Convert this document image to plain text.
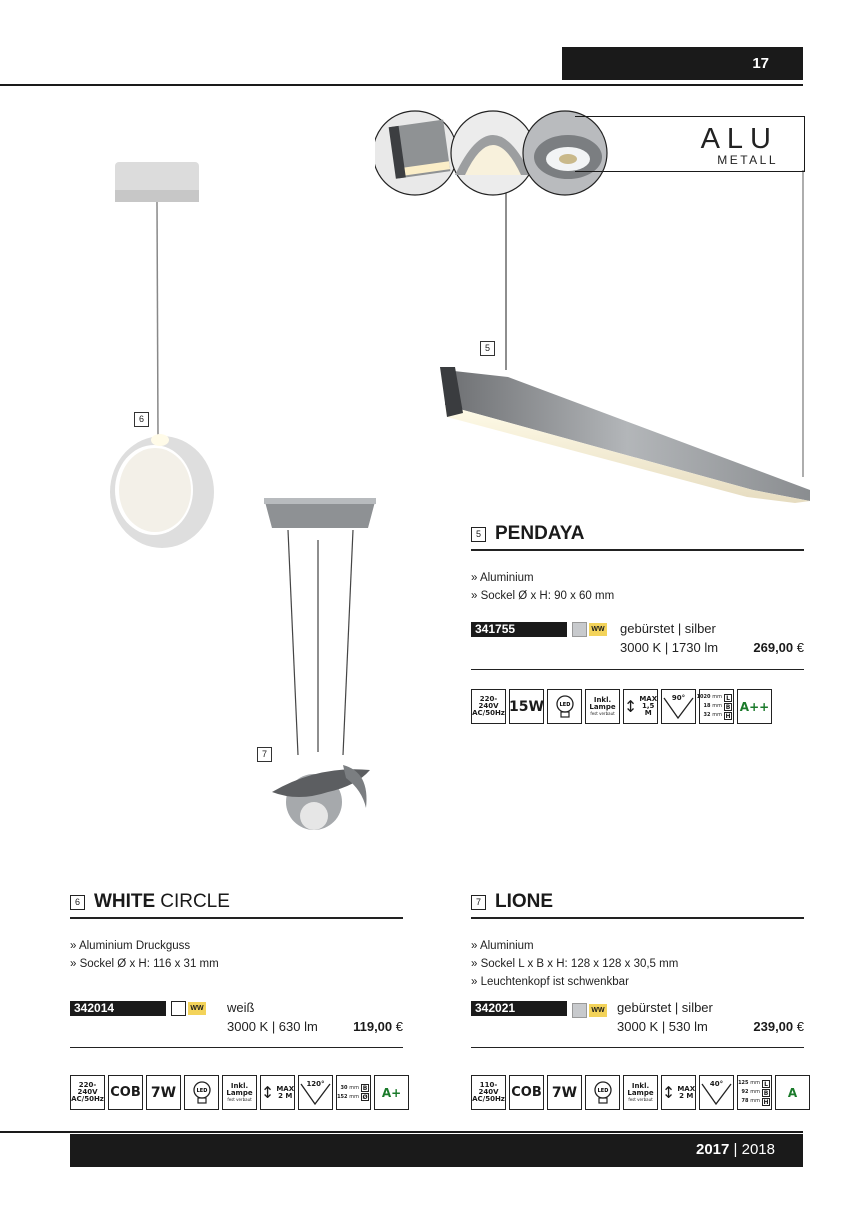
17
5
ALU
METALL
6
7
5 PENDAYA
» Aluminium
» Sockel Ø x H: 90 x 60 mm
341755	WW gebürstet | silber
3000 K | 1730 lm	269,00 €
220-240V
AC/50Hz 15W	LED
Inkl.
Lampe
fest verbaut ↕ MAX
1,5 M
90° 1020
mm L
18
mm B
32
mm H
A++
6 WHITE CIRCLE
» Aluminium Druckguss
» Sockel Ø x H: 116 x 31 mm
342014	WW weiß
3000 K | 630 lm	119,00 €
220-240V
AC/50Hz COB 7W	LED
Inkl.
Lampe
fest verbaut ↕ MAX
2 M
120°	30
mm B
152
mm Ø A+
7 LIONE
» Aluminium
» Sockel L x B x H: 128 x 128 x 30,5 mm
» Leuchtenkopf ist schwenkbar
342021	WW gebürstet | silber
3000 K | 530 lm	239,00 €
110-240V
AC/50Hz COB 7W	LED
Inkl.
Lampe
fest verbaut ↕ MAX
2 M
40°	125
mm L
92
mm B
78
mm H
A
2017 | 2018
